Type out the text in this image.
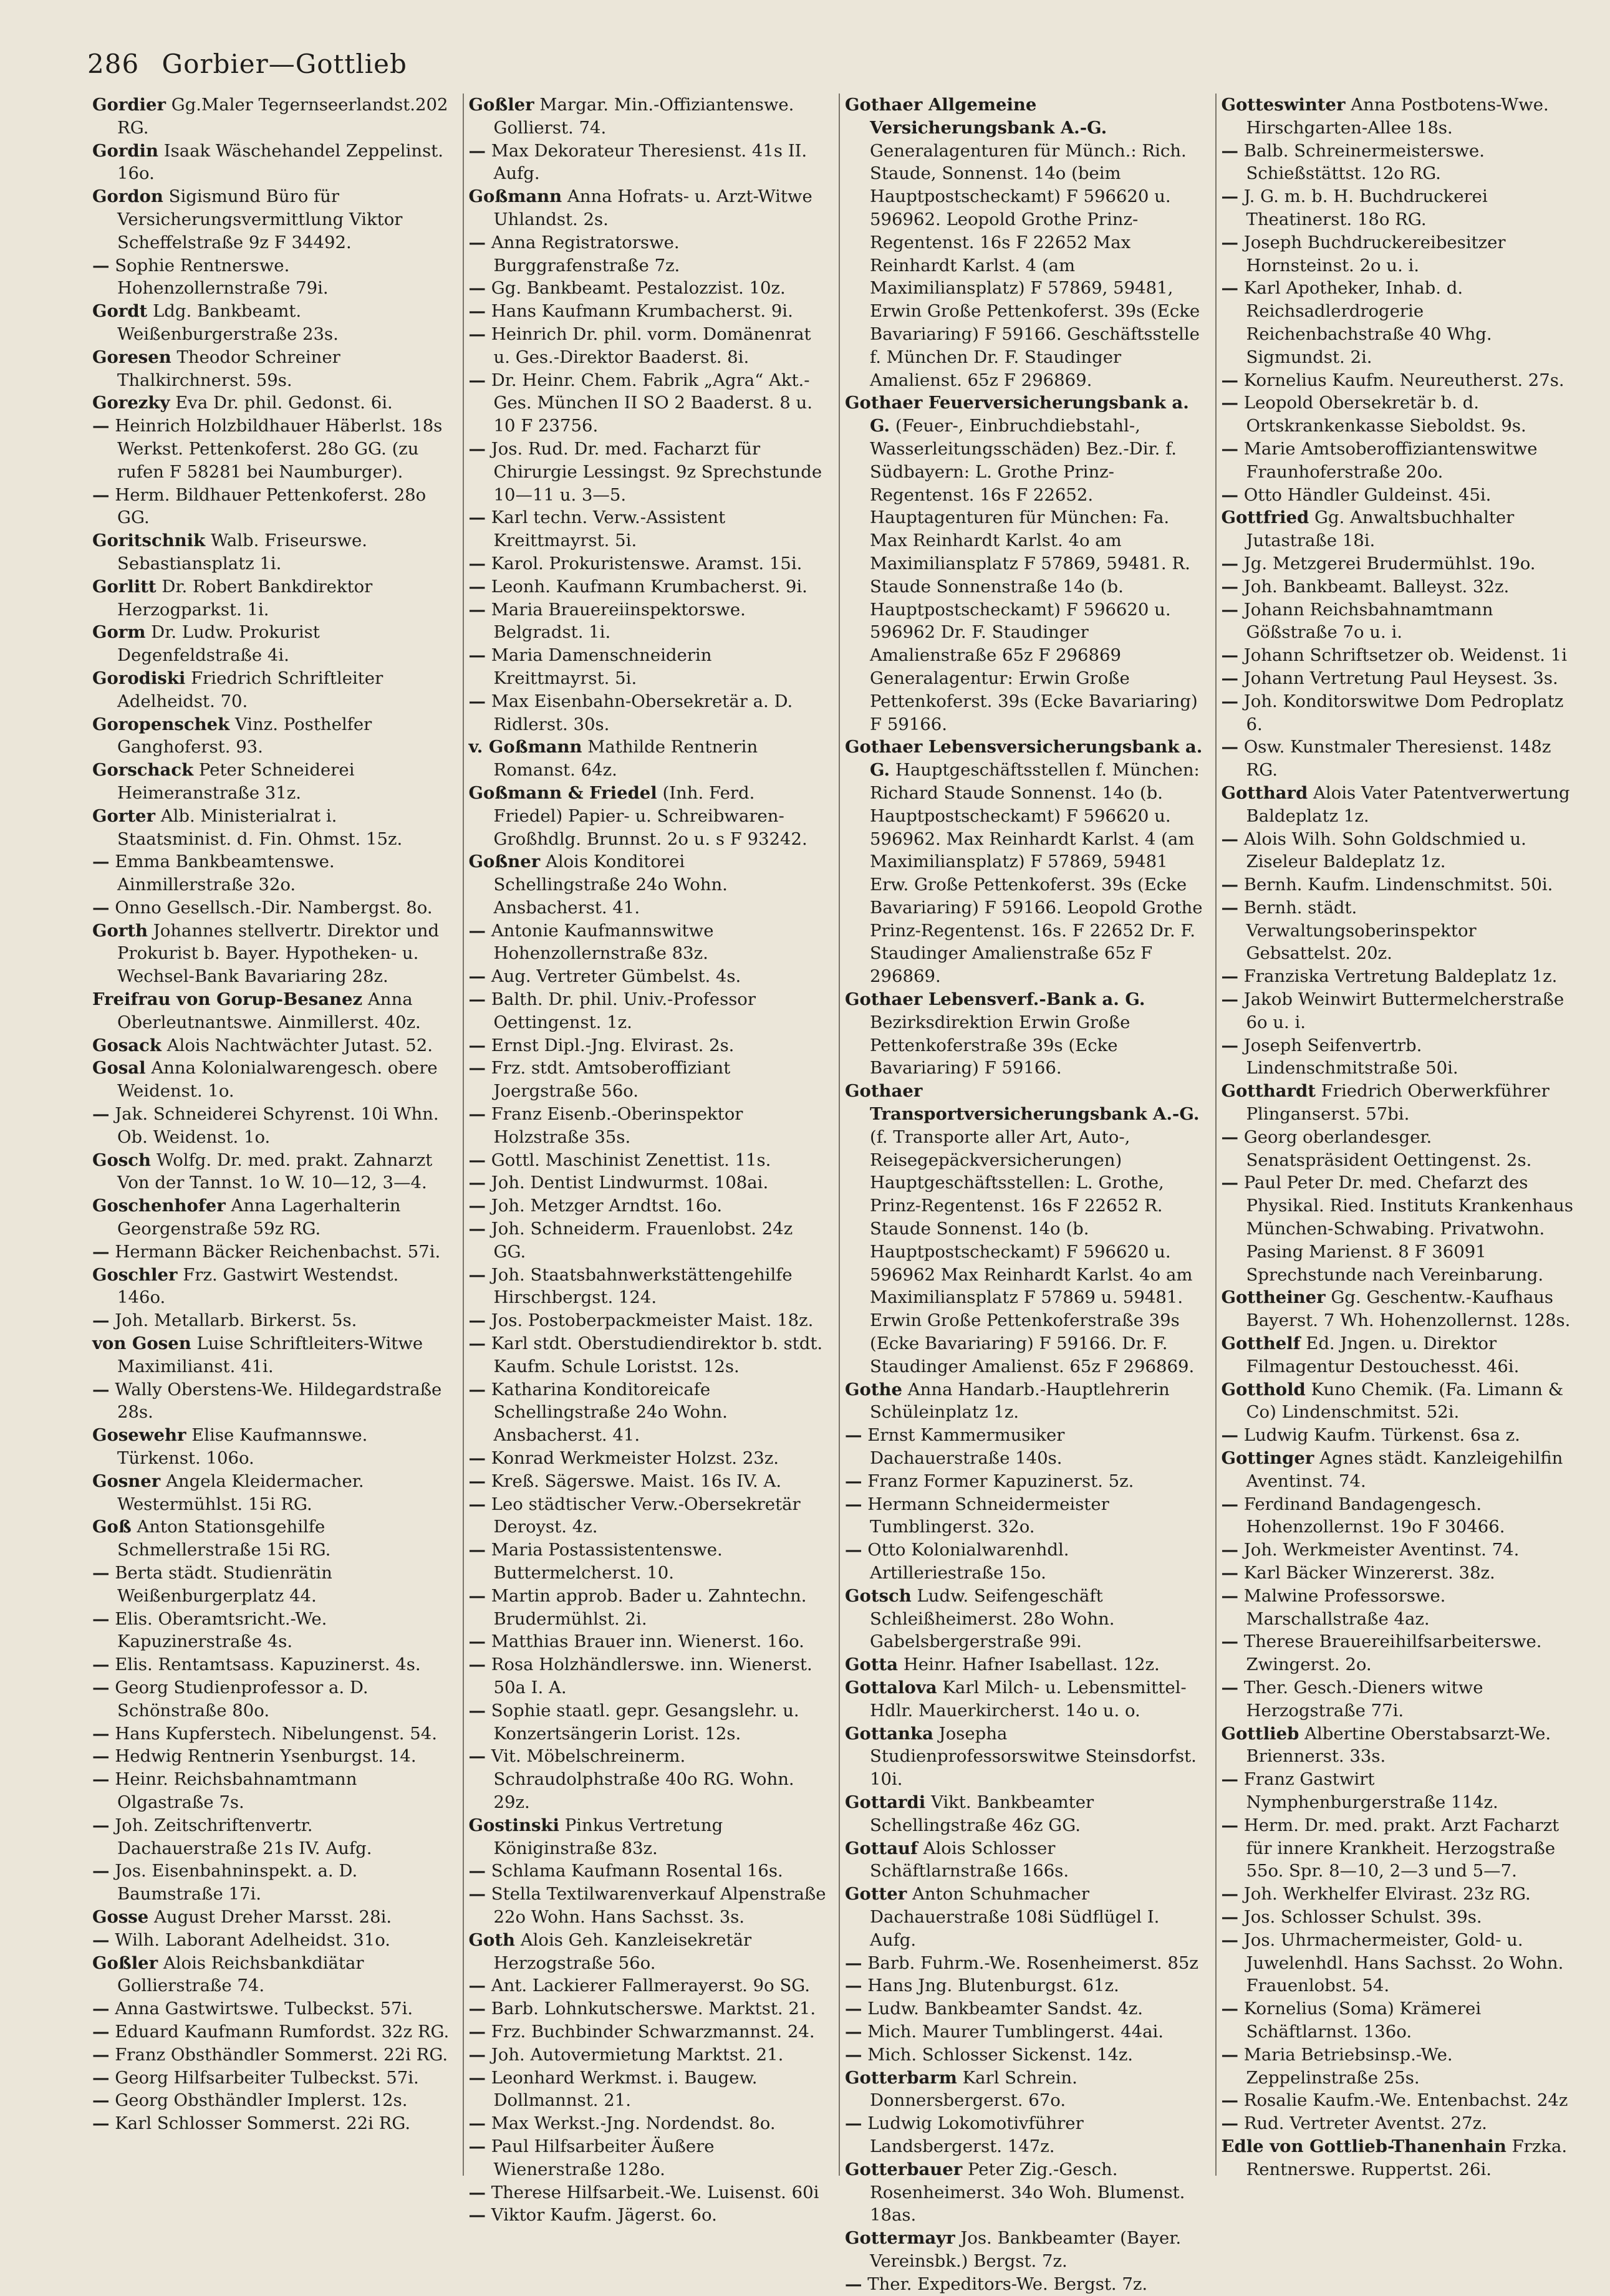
286 Gorbier—Gottlieb

Gordier Gg.Maler Tegernseerlandst.202 RG.

Gordin Isaak Wäschehandel Zeppelinst. 16o.

Gordon Sigismund Büro für Versicherungsvermittlung Viktor Scheffelstraße 9z F 34492.

— Sophie Rentnerswe. Hohenzollernstraße 79i.

Gordt Ldg. Bankbeamt. Weißenburgerstraße 23s.

Goresen Theodor Schreiner Thalkirchnerst. 59s.

Gorezky Eva Dr. phil. Gedonst. 6i.

— Heinrich Holzbildhauer Häberlst. 18s Werkst. Pettenkoferst. 28o GG. (zu rufen F 58281 bei Naumburger).

— Herm. Bildhauer Pettenkoferst. 28o GG.

Goritschnik Walb. Friseurswe. Sebastiansplatz 1i.

Gorlitt Dr. Robert Bankdirektor Herzogparkst. 1i.

Gorm Dr. Ludw. Prokurist Degenfeldstraße 4i.

Gorodiski Friedrich Schriftleiter Adelheidst. 70.

Goropenschek Vinz. Posthelfer Ganghoferst. 93.

Gorschack Peter Schneiderei Heimeranstraße 31z.

Gorter Alb. Ministerialrat i. Staatsminist. d. Fin. Ohmst. 15z.

— Emma Bankbeamtenswe. Ainmillerstraße 32o.

— Onno Gesellsch.-Dir. Nambergst. 8o.

Gorth Johannes stellvertr. Direktor und Prokurist b. Bayer. Hypotheken- u. Wechsel-Bank Bavariaring 28z.

Freifrau von Gorup-Besanez Anna Oberleutnantswe. Ainmillerst. 40z.

Gosack Alois Nachtwächter Jutast. 52.

Gosal Anna Kolonialwarengesch. obere Weidenst. 1o.

— Jak. Schneiderei Schyrenst. 10i Whn. Ob. Weidenst. 1o.

Gosch Wolfg. Dr. med. prakt. Zahnarzt Von der Tannst. 1o W. 10—12, 3—4.

Goschenhofer Anna Lagerhalterin Georgenstraße 59z RG.

— Hermann Bäcker Reichenbachst. 57i.

Goschler Frz. Gastwirt Westendst. 146o.

— Joh. Metallarb. Birkerst. 5s.

von Gosen Luise Schriftleiters-Witwe Maximilianst. 41i.

— Wally Oberstens-We. Hildegardstraße 28s.

Gosewehr Elise Kaufmannswe. Türkenst. 106o.

Gosner Angela Kleidermacher. Westermühlst. 15i RG.

Goß Anton Stationsgehilfe Schmellerstraße 15i RG.

— Berta städt. Studienrätin Weißenburgerplatz 44.

— Elis. Oberamtsricht.-We. Kapuzinerstraße 4s.

— Elis. Rentamtsass. Kapuzinerst. 4s.

— Georg Studienprofessor a. D. Schönstraße 80o.

— Hans Kupferstech. Nibelungenst. 54.

— Hedwig Rentnerin Ysenburgst. 14.

— Heinr. Reichsbahnamtmann Olgastraße 7s.

— Joh. Zeitschriftenvertr. Dachauerstraße 21s IV. Aufg.

— Jos. Eisenbahninspekt. a. D. Baumstraße 17i.

Gosse August Dreher Marsst. 28i.

— Wilh. Laborant Adelheidst. 31o.

Goßler Alois Reichsbankdiätar Gollierstraße 74.

— Anna Gastwirtswe. Tulbeckst. 57i.

— Eduard Kaufmann Rumfordst. 32z RG.

— Franz Obsthändler Sommerst. 22i RG.

— Georg Hilfsarbeiter Tulbeckst. 57i.

— Georg Obsthändler Implerst. 12s.

— Karl Schlosser Sommerst. 22i RG.

Goßler Margar. Min.-Offiziantenswe. Gollierst. 74.

— Max Dekorateur Theresienst. 41s II. Aufg.

Goßmann Anna Hofrats- u. Arzt-Witwe Uhlandst. 2s.

— Anna Registratorswe. Burggrafenstraße 7z.

— Gg. Bankbeamt. Pestalozzist. 10z.

— Hans Kaufmann Krumbacherst. 9i.

— Heinrich Dr. phil. vorm. Domänenrat u. Ges.-Direktor Baaderst. 8i.

— Dr. Heinr. Chem. Fabrik „Agra“ Akt.-Ges. München II SO 2 Baaderst. 8 u. 10 F 23756.

— Jos. Rud. Dr. med. Facharzt für Chirurgie Lessingst. 9z Sprechstunde 10—11 u. 3—5.

— Karl techn. Verw.-Assistent Kreittmayrst. 5i.

— Karol. Prokuristenswe. Aramst. 15i.

— Leonh. Kaufmann Krumbacherst. 9i.

— Maria Brauereiinspektorswe. Belgradst. 1i.

— Maria Damenschneiderin Kreittmayrst. 5i.

— Max Eisenbahn-Obersekretär a. D. Ridlerst. 30s.

v. Goßmann Mathilde Rentnerin Romanst. 64z.

Goßmann & Friedel (Inh. Ferd. Friedel) Papier- u. Schreibwaren-Großhdlg. Brunnst. 2o u. s F 93242.

Goßner Alois Konditorei Schellingstraße 24o Wohn. Ansbacherst. 41.

— Antonie Kaufmannswitwe Hohenzollernstraße 83z.

— Aug. Vertreter Gümbelst. 4s.

— Balth. Dr. phil. Univ.-Professor Oettingenst. 1z.

— Ernst Dipl.-Jng. Elvirast. 2s.

— Frz. stdt. Amtsoberoffiziant Joergstraße 56o.

— Franz Eisenb.-Oberinspektor Holzstraße 35s.

— Gottl. Maschinist Zenettist. 11s.

— Joh. Dentist Lindwurmst. 108ai.

— Joh. Metzger Arndtst. 16o.

— Joh. Schneiderm. Frauenlobst. 24z GG.

— Joh. Staatsbahnwerkstättengehilfe Hirschbergst. 124.

— Jos. Postoberpackmeister Maist. 18z.

— Karl stdt. Oberstudiendirektor b. stdt. Kaufm. Schule Loristst. 12s.

— Katharina Konditoreicafe Schellingstraße 24o Wohn. Ansbacherst. 41.

— Konrad Werkmeister Holzst. 23z.

— Kreß. Sägerswe. Maist. 16s IV. A.

— Leo städtischer Verw.-Obersekretär Deroyst. 4z.

— Maria Postassistentenswe. Buttermelcherst. 10.

— Martin approb. Bader u. Zahntechn. Brudermühlst. 2i.

— Matthias Brauer inn. Wienerst. 16o.

— Rosa Holzhändlerswe. inn. Wienerst. 50a I. A.

— Sophie staatl. gepr. Gesangslehr. u. Konzertsängerin Lorist. 12s.

— Vit. Möbelschreinerm. Schraudolphstraße 40o RG. Wohn. 29z.

Gostinski Pinkus Vertretung Königinstraße 83z.

— Schlama Kaufmann Rosental 16s.

— Stella Textilwarenverkauf Alpenstraße 22o Wohn. Hans Sachsst. 3s.

Goth Alois Geh. Kanzleisekretär Herzogstraße 56o.

— Ant. Lackierer Fallmerayerst. 9o SG.

— Barb. Lohnkutscherswe. Marktst. 21.

— Frz. Buchbinder Schwarzmannst. 24.

— Joh. Autovermietung Marktst. 21.

— Leonhard Werkmst. i. Baugew. Dollmannst. 21.

— Max Werkst.-Jng. Nordendst. 8o.

— Paul Hilfsarbeiter Äußere Wienerstraße 128o.

— Therese Hilfsarbeit.-We. Luisenst. 60i

— Viktor Kaufm. Jägerst. 6o.

Gothaer Allgemeine Versicherungsbank A.-G. Generalagenturen für Münch.: Rich. Staude, Sonnenst. 14o (beim Hauptpostscheckamt) F 596620 u. 596962. Leopold Grothe Prinz-Regentenst. 16s F 22652 Max Reinhardt Karlst. 4 (am Maximiliansplatz) F 57869, 59481, Erwin Große Pettenkoferst. 39s (Ecke Bavariaring) F 59166. Geschäftsstelle f. München Dr. F. Staudinger Amalienst. 65z F 296869.

Gothaer Feuerversicherungsbank a. G. (Feuer-, Einbruchdiebstahl-, Wasserleitungsschäden) Bez.-Dir. f. Südbayern: L. Grothe Prinz-Regentenst. 16s F 22652. Hauptagenturen für München: Fa. Max Reinhardt Karlst. 4o am Maximiliansplatz F 57869, 59481. R. Staude Sonnenstraße 14o (b. Hauptpostscheckamt) F 596620 u. 596962 Dr. F. Staudinger Amalienstraße 65z F 296869 Generalagentur: Erwin Große Pettenkoferst. 39s (Ecke Bavariaring) F 59166.

Gothaer Lebensversicherungsbank a. G. Hauptgeschäftsstellen f. München: Richard Staude Sonnenst. 14o (b. Hauptpostscheckamt) F 596620 u. 596962. Max Reinhardt Karlst. 4 (am Maximiliansplatz) F 57869, 59481 Erw. Große Pettenkoferst. 39s (Ecke Bavariaring) F 59166. Leopold Grothe Prinz-Regentenst. 16s. F 22652 Dr. F. Staudinger Amalienstraße 65z F 296869.

Gothaer Lebensverf.-Bank a. G. Bezirksdirektion Erwin Große Pettenkoferstraße 39s (Ecke Bavariaring) F 59166.

Gothaer Transportversicherungsbank A.-G. (f. Transporte aller Art, Auto-, Reisegepäckversicherungen) Hauptgeschäftsstellen: L. Grothe, Prinz-Regentenst. 16s F 22652 R. Staude Sonnenst. 14o (b. Hauptpostscheckamt) F 596620 u. 596962 Max Reinhardt Karlst. 4o am Maximiliansplatz F 57869 u. 59481. Erwin Große Pettenkoferstraße 39s (Ecke Bavariaring) F 59166. Dr. F. Staudinger Amalienst. 65z F 296869.

Gothe Anna Handarb.-Hauptlehrerin Schüleinplatz 1z.

— Ernst Kammermusiker Dachauerstraße 140s.

— Franz Former Kapuzinerst. 5z.

— Hermann Schneidermeister Tumblingerst. 32o.

— Otto Kolonialwarenhdl. Artilleriestraße 15o.

Gotsch Ludw. Seifengeschäft Schleißheimerst. 28o Wohn. Gabelsbergerstraße 99i.

Gotta Heinr. Hafner Isabellast. 12z.

Gottalova Karl Milch- u. Lebensmittel-Hdlr. Mauerkircherst. 14o u. o.

Gottanka Josepha Studienprofessorswitwe Steinsdorfst. 10i.

Gottardi Vikt. Bankbeamter Schellingstraße 46z GG.

Gottauf Alois Schlosser Schäftlarnstraße 166s.

Gotter Anton Schuhmacher Dachauerstraße 108i Südflügel I. Aufg.

— Barb. Fuhrm.-We. Rosenheimerst. 85z

— Hans Jng. Blutenburgst. 61z.

— Ludw. Bankbeamter Sandst. 4z.

— Mich. Maurer Tumblingerst. 44ai.

— Mich. Schlosser Sickenst. 14z.

Gotterbarm Karl Schrein. Donnersbergerst. 67o.

— Ludwig Lokomotivführer Landsbergerst. 147z.

Gotterbauer Peter Zig.-Gesch. Rosenheimerst. 34o Woh. Blumenst. 18as.

Gottermayr Jos. Bankbeamter (Bayer. Vereinsbk.) Bergst. 7z.

— Ther. Expeditors-We. Bergst. 7z.

Gotteswinter Anna Postbotens-Wwe. Hirschgarten-Allee 18s.

— Balb. Schreinermeisterswe. Schießstättst. 12o RG.

— J. G. m. b. H. Buchdruckerei Theatinerst. 18o RG.

— Joseph Buchdruckereibesitzer Hornsteinst. 2o u. i.

— Karl Apotheker, Inhab. d. Reichsadlerdrogerie Reichenbachstraße 40 Whg. Sigmundst. 2i.

— Kornelius Kaufm. Neureutherst. 27s.

— Leopold Obersekretär b. d. Ortskrankenkasse Sieboldst. 9s.

— Marie Amtsoberoffiziantenswitwe Fraunhoferstraße 20o.

— Otto Händler Guldeinst. 45i.

Gottfried Gg. Anwaltsbuchhalter Jutastraße 18i.

— Jg. Metzgerei Brudermühlst. 19o.

— Joh. Bankbeamt. Balleyst. 32z.

— Johann Reichsbahnamtmann Gößstraße 7o u. i.

— Johann Schriftsetzer ob. Weidenst. 1i

— Johann Vertretung Paul Heysest. 3s.

— Joh. Konditorswitwe Dom Pedroplatz 6.

— Osw. Kunstmaler Theresienst. 148z RG.

Gotthard Alois Vater Patentverwertung Baldeplatz 1z.

— Alois Wilh. Sohn Goldschmied u. Ziseleur Baldeplatz 1z.

— Bernh. Kaufm. Lindenschmitst. 50i.

— Bernh. städt. Verwaltungsoberinspektor Gebsattelst. 20z.

— Franziska Vertretung Baldeplatz 1z.

— Jakob Weinwirt Buttermelcherstraße 6o u. i.

— Joseph Seifenvertrb. Lindenschmitstraße 50i.

Gotthardt Friedrich Oberwerkführer Plinganserst. 57bi.

— Georg oberlandesger. Senatspräsident Oettingenst. 2s.

— Paul Peter Dr. med. Chefarzt des Physikal. Ried. Instituts Krankenhaus München-Schwabing. Privatwohn. Pasing Marienst. 8 F 36091 Sprechstunde nach Vereinbarung.

Gottheiner Gg. Geschentw.-Kaufhaus Bayerst. 7 Wh. Hohenzollernst. 128s.

Gotthelf Ed. Jngen. u. Direktor Filmagentur Destouchesst. 46i.

Gotthold Kuno Chemik. (Fa. Limann & Co) Lindenschmitst. 52i.

— Ludwig Kaufm. Türkenst. 6sa z.

Gottinger Agnes städt. Kanzleigehilfin Aventinst. 74.

— Ferdinand Bandagengesch. Hohenzollernst. 19o F 30466.

— Joh. Werkmeister Aventinst. 74.

— Karl Bäcker Winzererst. 38z.

— Malwine Professorswe. Marschallstraße 4az.

— Therese Brauereihilfsarbeiterswe. Zwingerst. 2o.

— Ther. Gesch.-Dieners witwe Herzogstraße 77i.

Gottlieb Albertine Oberstabsarzt-We. Briennerst. 33s.

— Franz Gastwirt Nymphenburgerstraße 114z.

— Herm. Dr. med. prakt. Arzt Facharzt für innere Krankheit. Herzogstraße 55o. Spr. 8—10, 2—3 und 5—7.

— Joh. Werkhelfer Elvirast. 23z RG.

— Jos. Schlosser Schulst. 39s.

— Jos. Uhrmachermeister, Gold- u. Juwelenhdl. Hans Sachsst. 2o Wohn. Frauenlobst. 54.

— Kornelius (Soma) Krämerei Schäftlarnst. 136o.

— Maria Betriebsinsp.-We. Zeppelinstraße 25s.

— Rosalie Kaufm.-We. Entenbachst. 24z

— Rud. Vertreter Aventst. 27z.

Edle von Gottlieb-Thanenhain Frzka. Rentnerswe. Ruppertst. 26i.
